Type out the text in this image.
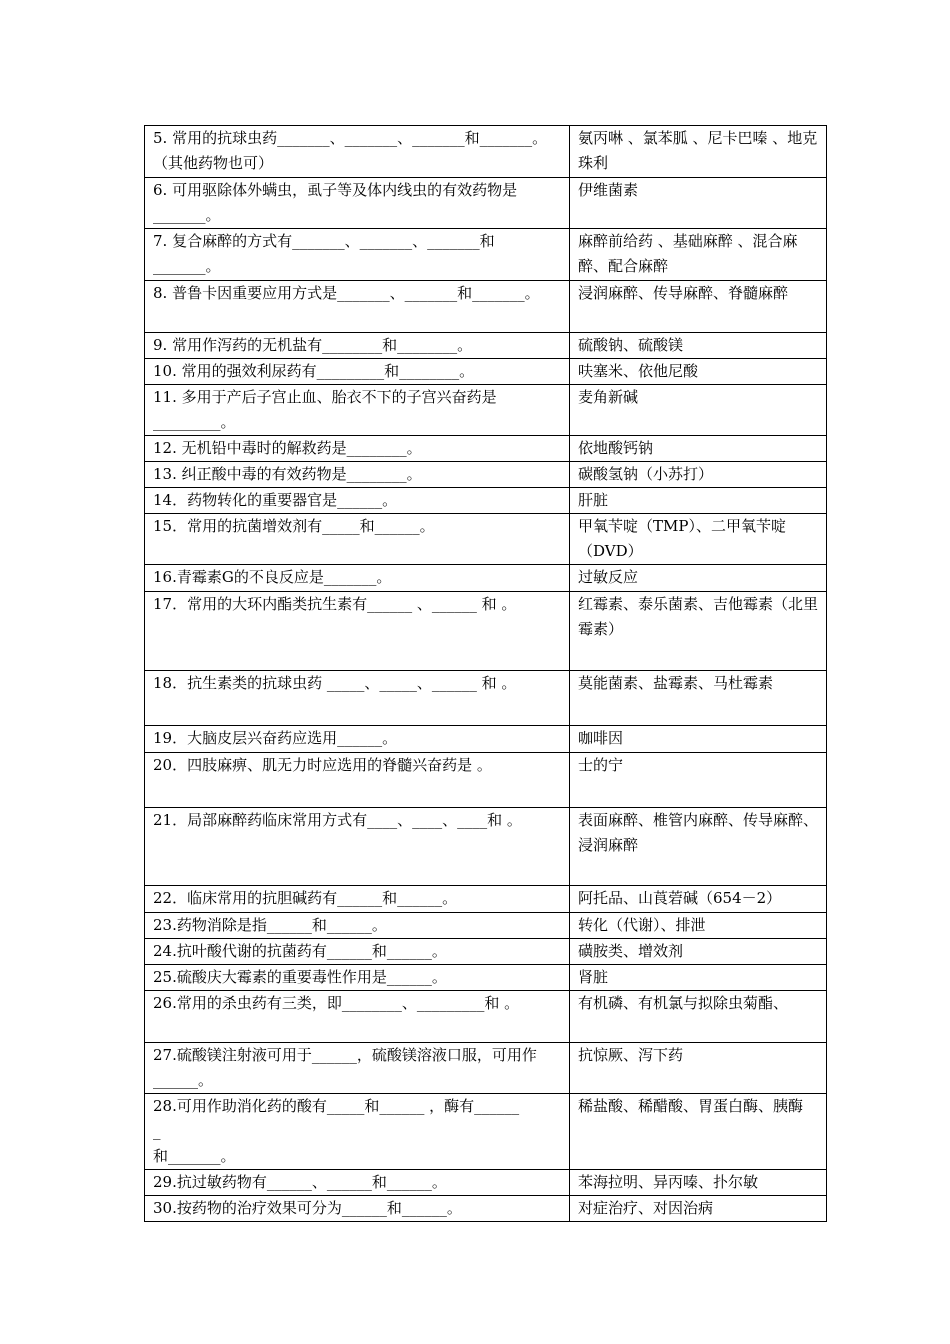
5. 常用的抗球虫药_______、_______、_______和_______。（其他药物也可）	氨丙啉 、氯苯胍 、尼卡巴嗪 、地克珠利
6. 可用驱除体外螨虫，虱子等及体内线虫的有效药物是_______。	伊维菌素
7. 复合麻醉的方式有_______、_______、_______和_______。	麻醉前给药 、基础麻醉 、混合麻醉、配合麻醉
8. 普鲁卡因重要应用方式是_______、_______和_______。	浸润麻醉、传导麻醉、脊髓麻醉
9. 常用作泻药的无机盐有________和________。	硫酸钠、硫酸镁
10. 常用的强效利尿药有_________和________。	呋塞米、依他尼酸
11. 多用于产后子宫止血、胎衣不下的子宫兴奋药是_________。	麦角新碱
12. 无机铅中毒时的解救药是________。	依地酸钙钠
13. 纠正酸中毒的有效药物是________。	碳酸氢钠（小苏打）
14．药物转化的重要器官是______。	肝脏
15．常用的抗菌增效剂有_____和______。	甲氧苄啶（TMP）、二甲氧苄啶（DVD）
16.青霉素G的不良反应是_______。	过敏反应
17．常用的大环内酯类抗生素有______ 、______ 和 。	红霉素、泰乐菌素、吉他霉素（北里霉素）
18．抗生素类的抗球虫药 _____、_____、______ 和 。	莫能菌素、盐霉素、马杜霉素
19．大脑皮层兴奋药应选用______。	咖啡因
20．四肢麻痹、肌无力时应选用的脊髓兴奋药是 。	士的宁
21．局部麻醉药临床常用方式有____、____、____和 。	表面麻醉、椎管内麻醉、传导麻醉、浸润麻醉
22．临床常用的抗胆碱药有______和______。	阿托品、山莨菪碱（654－2）
23.药物消除是指______和______。	转化（代谢）、排泄
24.抗叶酸代谢的抗菌药有______和______。	磺胺类、增效剂
25.硫酸庆大霉素的重要毒性作用是______。	肾脏
26.常用的杀虫药有三类，即________、_________和 。	有机磷、有机氯与拟除虫菊酯、
27.硫酸镁注射液可用于______，硫酸镁溶液口服，可用作______。	抗惊厥、泻下药
28.可用作助消化药的酸有_____和______ ，酶有______
_
和_______。	稀盐酸、稀醋酸、胃蛋白酶、胰酶
29.抗过敏药物有______、______和______。	苯海拉明、异丙嗪、扑尔敏
30.按药物的治疗效果可分为______和______。	对症治疗、对因治病
